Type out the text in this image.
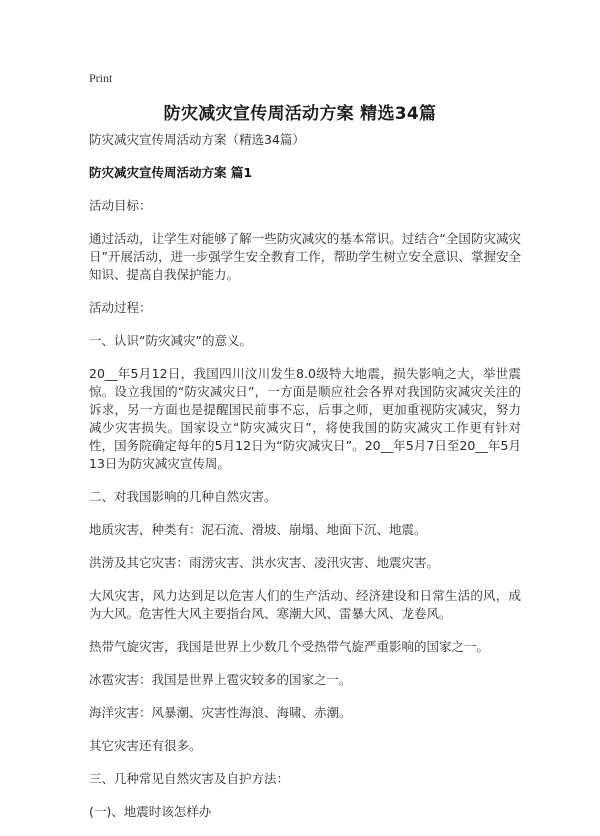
Print
防灾减灾宣传周活动方案 精选34篇

防灾减灾宣传周活动方案（精选34篇）

防灾减灾宣传周活动方案 篇1

活动目标：

通过活动，让学生对能够了解一些防灾减灾的基本常识。过结合“全国防灾减灾日”开展活动，进一步强学生安全教育工作，帮助学生树立安全意识、掌握安全知识、提高自我保护能力。

活动过程：

一、认识“防灾减灾”的意义。

20__年5月12日，我国四川汶川发生8.0级特大地震，损失影响之大，举世震惊。设立我国的“防灾减灾日”，一方面是顺应社会各界对我国防灾减灾关注的诉求，另一方面也是提醒国民前事不忘，后事之师，更加重视防灾减灾，努力减少灾害损失。国家设立“防灾减灾日”，将使我国的防灾减灾工作更有针对性，国务院确定每年的5月12日为“防灾减灾日”。20__年5月7日至20__年5月13日为防灾减灾宣传周。

二、对我国影响的几种自然灾害。

地质灾害，种类有：泥石流、滑坡、崩塌、地面下沉、地震。

洪涝及其它灾害：雨涝灾害、洪水灾害、凌汛灾害、地震灾害。

大风灾害，风力达到足以危害人们的生产活动、经济建设和日常生活的风，成为大风。危害性大风主要指台风、寒潮大风、雷暴大风、龙卷风。

热带气旋灾害，我国是世界上少数几个受热带气旋严重影响的国家之一。

冰雹灾害：我国是世界上雹灾较多的国家之一。

海洋灾害：风暴潮、灾害性海浪、海啸、赤潮。

其它灾害还有很多。

三、几种常见自然灾害及自护方法：

(一)、地震时该怎样办
